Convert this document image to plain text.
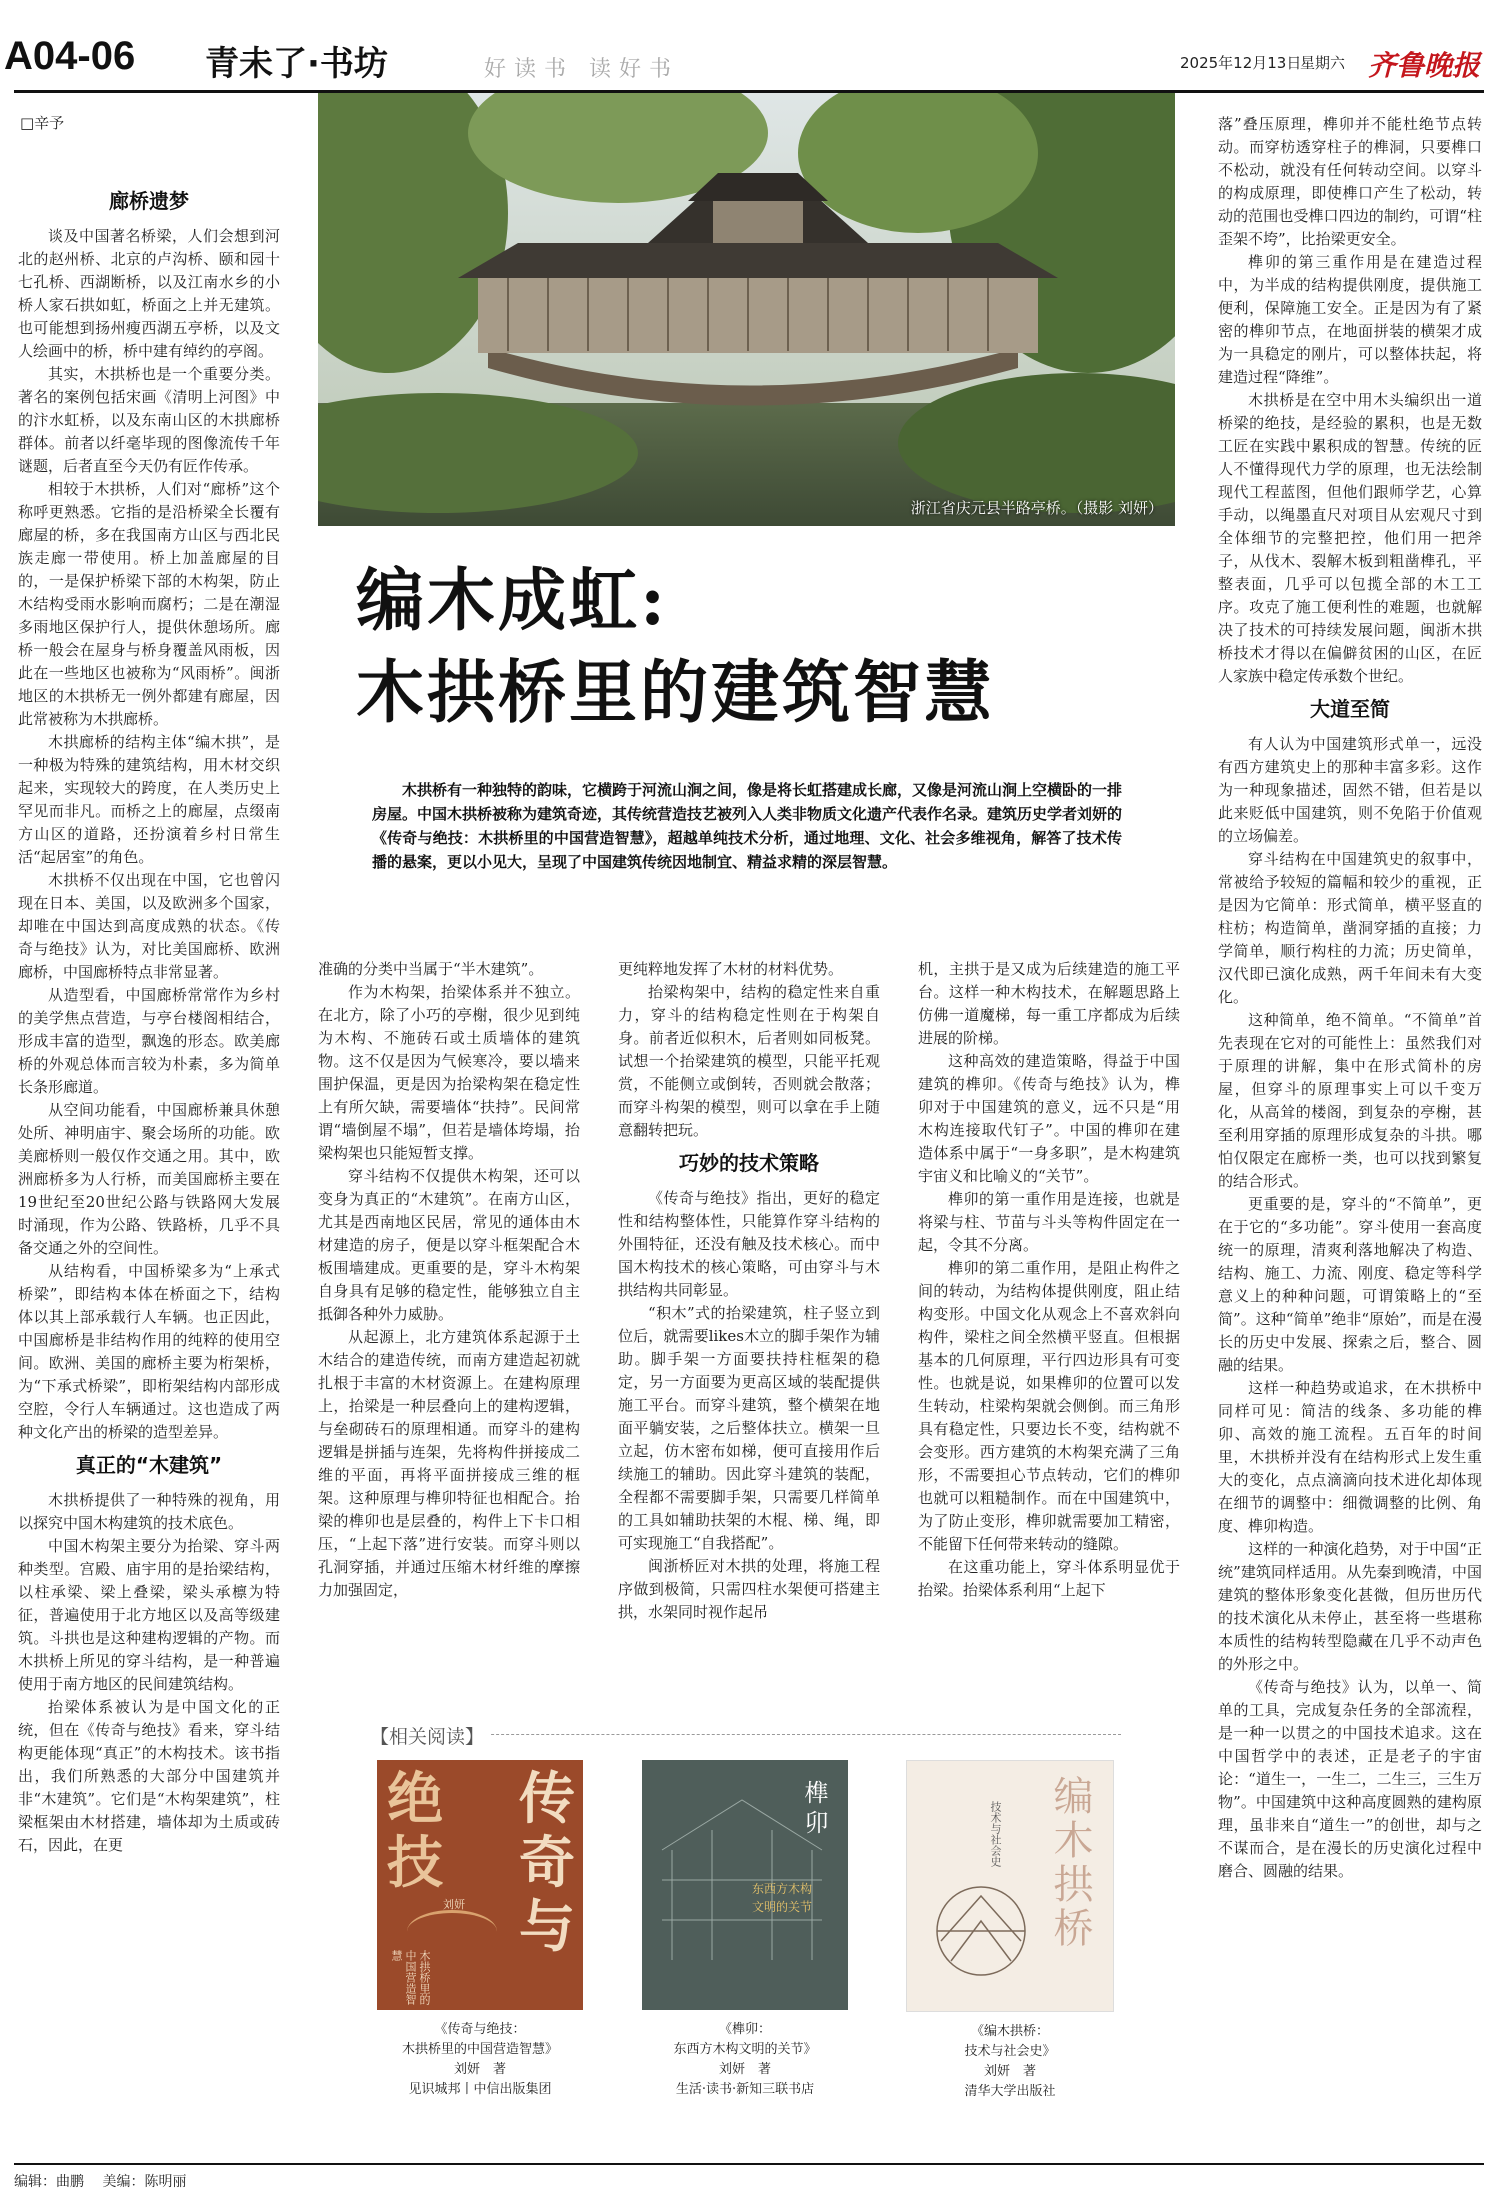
A04-06 青未了·书坊	好读书 读好书	2025年12月13日
星期六 齐鲁晚报
□辛予
廊桥遗梦

谈及中国著名桥梁，人们会想到河北的赵州桥、北京的卢沟桥、颐和园十七孔桥、西湖断桥，以及江南水乡的小桥人家石拱如虹，桥面之上并无建筑。也可能想到扬州瘦西湖五亭桥，以及文人绘画中的桥，桥中建有绰约的亭阁。

其实，木拱桥也是一个重要分类。著名的案例包括宋画《清明上河图》中的汴水虹桥，以及东南山区的木拱廊桥群体。前者以纤毫毕现的图像流传千年谜题，后者直至今天仍有匠作传承。

相较于木拱桥，人们对“廊桥”这个称呼更熟悉。它指的是沿桥梁全长覆有廊屋的桥，多在我国南方山区与西北民族走廊一带使用。桥上加盖廊屋的目的，一是保护桥梁下部的木构架，防止木结构受雨水影响而腐朽；二是在潮湿多雨地区保护行人，提供休憩场所。廊桥一般会在屋身与桥身覆盖风雨板，因此在一些地区也被称为“风雨桥”。闽浙地区的木拱桥无一例外都建有廊屋，因此常被称为木拱廊桥。

木拱廊桥的结构主体“编木拱”，是一种极为特殊的建筑结构，用木材交织起来，实现较大的跨度，在人类历史上罕见而非凡。而桥之上的廊屋，点缀南方山区的道路，还扮演着乡村日常生活“起居室”的角色。

木拱桥不仅出现在中国，它也曾闪现在日本、美国，以及欧洲多个国家，却唯在中国达到高度成熟的状态。《传奇与绝技》认为，对比美国廊桥、欧洲廊桥，中国廊桥特点非常显著。

从造型看，中国廊桥常常作为乡村的美学焦点营造，与亭台楼阁相结合，形成丰富的造型，飘逸的形态。欧美廊桥的外观总体而言较为朴素，多为简单长条形廊道。

从空间功能看，中国廊桥兼具休憩处所、神明庙宇、聚会场所的功能。欧美廊桥则一般仅作交通之用。其中，欧洲廊桥多为人行桥，而美国廊桥主要在19世纪至20世纪公路与铁路网大发展时涌现，作为公路、铁路桥，几乎不具备交通之外的空间性。

从结构看，中国桥梁多为“上承式桥梁”，即结构本体在桥面之下，结构体以其上部承载行人车辆。也正因此，中国廊桥是非结构作用的纯粹的使用空间。欧洲、美国的廊桥主要为桁架桥，为“下承式桥梁”，即桁架结构内部形成空腔，令行人车辆通过。这也造成了两种文化产出的桥梁的造型差异。

真正的“木建筑”

木拱桥提供了一种特殊的视角，用以探究中国木构建筑的技术底色。

中国木构架主要分为抬梁、穿斗两种类型。宫殿、庙宇用的是抬梁结构，以柱承梁、梁上叠梁，梁头承檩为特征，普遍使用于北方地区以及高等级建筑。斗拱也是这种建构逻辑的产物。而木拱桥上所见的穿斗结构，是一种普遍使用于南方地区的民间建筑结构。

抬梁体系被认为是中国文化的正统，但在《传奇与绝技》看来，穿斗结构更能体现“真正”的木构技术。该书指出，我们所熟悉的大部分中国建筑并非“木建筑”。它们是“木构架建筑”，柱梁框架由木材搭建，墙体却为土质或砖石，因此，在更

浙江省庆元县半路亭桥。（摄影 刘妍）
编木成虹:
木拱桥里的建筑智慧
木拱桥有一种独特的韵味，它横跨于河流山涧之间，像是将长虹搭建成长廊，又像是河流山涧上空横卧的一排房屋。中国木拱桥被称为建筑奇迹，其传统营造技艺被列入人类非物质文化遗产代表作名录。建筑历史学者刘妍的《传奇与绝技：木拱桥里的中国营造智慧》，超越单纯技术分析，通过地理、文化、社会多维视角，解答了技术传播的悬案，更以小见大，呈现了中国建筑传统因地制宜、精益求精的深层智慧。

准确的分类中当属于“半木建筑”。

作为木构架，抬梁体系并不独立。在北方，除了小巧的亭榭，很少见到纯为木构、不施砖石或土质墙体的建筑物。这不仅是因为气候寒冷，要以墙来围护保温，更是因为抬梁构架在稳定性上有所欠缺，需要墙体“扶持”。民间常谓“墙倒屋不塌”，但若是墙体垮塌，抬梁构架也只能短暂支撑。

穿斗结构不仅提供木构架，还可以变身为真正的“木建筑”。在南方山区，尤其是西南地区民居，常见的通体由木材建造的房子，便是以穿斗框架配合木板围墙建成。更重要的是，穿斗木构架自身具有足够的稳定性，能够独立自主抵御各种外力威胁。

从起源上，北方建筑体系起源于土木结合的建造传统，而南方建造起初就扎根于丰富的木材资源上。在建构原理上，抬梁是一种层叠向上的建构逻辑，与垒砌砖石的原理相通。而穿斗的建构逻辑是拼插与连架，先将构件拼接成二维的平面，再将平面拼接成三维的框架。这种原理与榫卯特征也相配合。抬梁的榫卯也是层叠的，构件上下卡口相压，“上起下落”进行安装。而穿斗则以孔洞穿插，并通过压缩木材纤维的摩擦力加强固定，

更纯粹地发挥了木材的材料优势。

抬梁构架中，结构的稳定性来自重力，穿斗的结构稳定性则在于构架自身。前者近似积木，后者则如同板凳。试想一个抬梁建筑的模型，只能平托观赏，不能侧立或倒转，否则就会散落；而穿斗构架的模型，则可以拿在手上随意翻转把玩。

巧妙的技术策略

《传奇与绝技》指出，更好的稳定性和结构整体性，只能算作穿斗结构的外围特征，还没有触及技术核心。而中国木构技术的核心策略，可由穿斗与木拱结构共同彰显。

“积木”式的抬梁建筑，柱子竖立到位后，就需要likes木立的脚手架作为辅助。脚手架一方面要扶持柱框架的稳定，另一方面要为更高区域的装配提供施工平台。而穿斗建筑，整个横架在地面平躺安装，之后整体扶立。横架一旦立起，仿木密布如梯，便可直接用作后续施工的辅助。因此穿斗建筑的装配，全程都不需要脚手架，只需要几样简单的工具如辅助扶架的木棍、梯、绳，即可实现施工“自我搭配”。

闽浙桥匠对木拱的处理，将施工程序做到极简，只需四柱水架便可搭建主拱，水架同时视作起吊

机，主拱于是又成为后续建造的施工平台。这样一种木构技术，在解题思路上仿佛一道魔梯，每一重工序都成为后续进展的阶梯。

这种高效的建造策略，得益于中国建筑的榫卯。《传奇与绝技》认为，榫卯对于中国建筑的意义，远不只是“用木构连接取代钉子”。中国的榫卯在建造体系中属于“一身多职”，是木构建筑宇宙义和比喻义的“关节”。

榫卯的第一重作用是连接，也就是将梁与柱、节苗与斗头等构件固定在一起，令其不分离。

榫卯的第二重作用，是阻止构件之间的转动，为结构体提供刚度，阻止结构变形。中国文化从观念上不喜欢斜向构件，梁柱之间全然横平竖直。但根据基本的几何原理，平行四边形具有可变性。也就是说，如果榫卯的位置可以发生转动，柱梁构架就会侧倒。而三角形具有稳定性，只要边长不变，结构就不会变形。西方建筑的木构架充满了三角形，不需要担心节点转动，它们的榫卯也就可以粗糙制作。而在中国建筑中，为了防止变形，榫卯就需要加工精密，不能留下任何带来转动的缝隙。

在这重功能上，穿斗体系明显优于抬梁。抬梁体系利用“上起下

落”叠压原理，榫卯并不能杜绝节点转动。而穿枋透穿柱子的榫洞，只要榫口不松动，就没有任何转动空间。以穿斗的构成原理，即使榫口产生了松动，转动的范围也受榫口四边的制约，可谓“柱歪架不垮”，比抬梁更安全。

榫卯的第三重作用是在建造过程中，为半成的结构提供刚度，提供施工便利，保障施工安全。正是因为有了紧密的榫卯节点，在地面拼装的横架才成为一具稳定的刚片，可以整体扶起，将建造过程“降维”。

木拱桥是在空中用木头编织出一道桥梁的绝技，是经验的累积，也是无数工匠在实践中累积成的智慧。传统的匠人不懂得现代力学的原理，也无法绘制现代工程蓝图，但他们跟师学艺，心算手动，以绳墨直尺对项目从宏观尺寸到全体细节的完整把控，他们用一把斧子，从伐木、裂解木板到粗凿榫孔，平整表面，几乎可以包揽全部的木工工序。攻克了施工便利性的难题，也就解决了技术的可持续发展问题，闽浙木拱桥技术才得以在偏僻贫困的山区，在匠人家族中稳定传承数个世纪。

大道至简

有人认为中国建筑形式单一，远没有西方建筑史上的那种丰富多彩。这作为一种现象描述，固然不错，但若是以此来贬低中国建筑，则不免陷于价值观的立场偏差。

穿斗结构在中国建筑史的叙事中，常被给予较短的篇幅和较少的重视，正是因为它简单：形式简单，横平竖直的柱枋；构造简单，凿洞穿插的直接；力学简单，顺行构柱的力流；历史简单，汉代即已演化成熟，两千年间未有大变化。

这种简单，绝不简单。“不简单”首先表现在它对的可能性上：虽然我们对于原理的讲解，集中在形式简朴的房屋，但穿斗的原理事实上可以千变万化，从高耸的楼阁，到复杂的亭榭，甚至利用穿插的原理形成复杂的斗拱。哪怕仅限定在廊桥一类，也可以找到繁复的结合形式。

更重要的是，穿斗的“不简单”，更在于它的“多功能”。穿斗使用一套高度统一的原理，清爽利落地解决了构造、结构、施工、力流、刚度、稳定等科学意义上的种种问题，可谓策略上的“至简”。这种“简单”绝非“原始”，而是在漫长的历史中发展、探索之后，整合、圆融的结果。

这样一种趋势或追求，在木拱桥中同样可见：简洁的线条、多功能的榫卯、高效的施工流程。五百年的时间里，木拱桥并没有在结构形式上发生重大的变化，点点滴滴向技术进化却体现在细节的调整中：细微调整的比例、角度、榫卯构造。

这样的一种演化趋势，对于中国“正统”建筑同样适用。从先秦到晚清，中国建筑的整体形象变化甚微，但历世历代的技术演化从未停止，甚至将一些堪称本质性的结构转型隐藏在几乎不动声色的外形之中。

《传奇与绝技》认为，以单一、简单的工具，完成复杂任务的全部流程，是一种一以贯之的中国技术追求。这在中国哲学中的表述，正是老子的宇宙论：“道生一，一生二，二生三，三生万物”。中国建筑中这种高度圆熟的建构原理，虽非来自“道生一”的创世，却与之不谋而合，是在漫长的历史演化过程中磨合、圆融的结果。

【相关阅读】
绝
技
传
奇
与
木拱桥里的中国营造智慧
刘妍
《传奇与绝技：
木拱桥里的中国营造智慧》
刘妍　著
见识城邦丨中信出版集团
榫卯
东西方木构
文明的关节
《榫卯：
东西方木构文明的关节》
刘妍　著
生活·读书·新知三联书店
编木拱桥
技术与社会史
《编木拱桥：
技术与社会史》
刘妍　著
清华大学出版社
编辑：曲鹏 美编：陈明丽
